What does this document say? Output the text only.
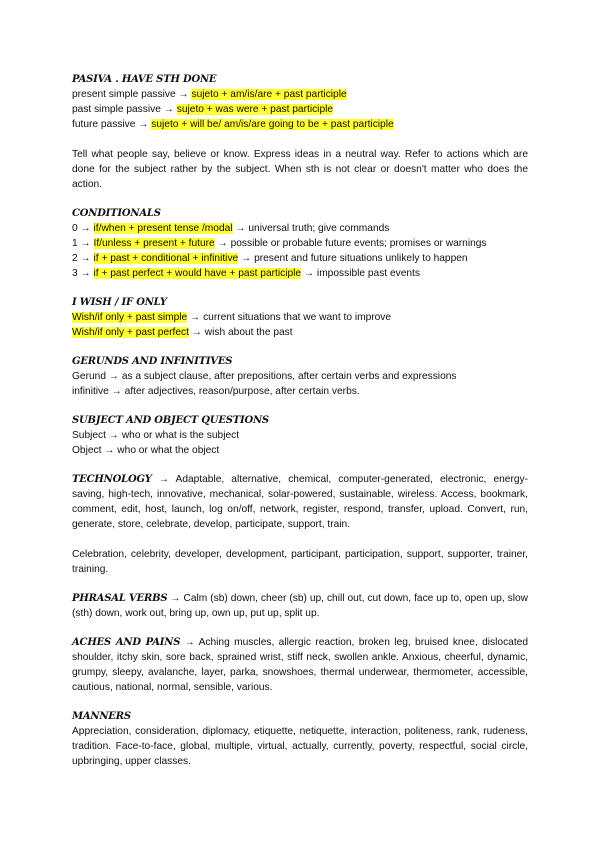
PASIVA . HAVE STH DONE
present simple passive → sujeto + am/is/are + past participle
past simple passive → sujeto + was were + past participle
future passive → sujeto + will be/ am/is/are going to be + past participle
Tell what people say, believe or know. Express ideas in a neutral way. Refer to actions which are done for the subject rather by the subject. When sth is not clear or doesn't matter who does the action.
CONDITIONALS
0 → if/when + present tense /modal → universal truth; give commands
1 → If/unless + present + future → possible or probable future events; promises or warnings
2 → if + past + conditional + infinitive → present and future situations unlikely to happen
3 → if + past perfect + would have + past participle → impossible past events
I WISH / IF ONLY
Wish/if only + past simple → current situations that we want to improve
Wish/if only + past perfect → wish about the past
GERUNDS AND INFINITIVES
Gerund → as a subject clause, after prepositions, after certain verbs and expressions
infinitive → after adjectives, reason/purpose, after certain verbs.
SUBJECT AND OBJECT QUESTIONS
Subject → who or what is the subject
Object → who or what the object
TECHNOLOGY → Adaptable, alternative, chemical, computer-generated, electronic, energy-saving, high-tech, innovative, mechanical, solar-powered, sustainable, wireless. Access, bookmark, comment, edit, host, launch, log on/off, network, register, respond, transfer, upload. Convert, run, generate, store, celebrate, develop, participate, support, train.
Celebration, celebrity, developer, development, participant, participation, support, supporter, trainer, training.
PHRASAL VERBS → Calm (sb) down, cheer (sb) up, chill out, cut down, face up to, open up, slow (sth) down, work out, bring up, own up, put up, split up.
ACHES AND PAINS → Aching muscles, allergic reaction, broken leg, bruised knee, dislocated shoulder, itchy skin, sore back, sprained wrist, stiff neck, swollen ankle. Anxious, cheerful, dynamic, grumpy, sleepy, avalanche, layer, parka, snowshoes, thermal underwear, thermometer, accessible, cautious, national, normal, sensible, various.
MANNERS
Appreciation, consideration, diplomacy, etiquette, netiquette, interaction, politeness, rank, rudeness, tradition. Face-to-face, global, multiple, virtual, actually, currently, poverty, respectful, social circle, upbringing, upper classes.
